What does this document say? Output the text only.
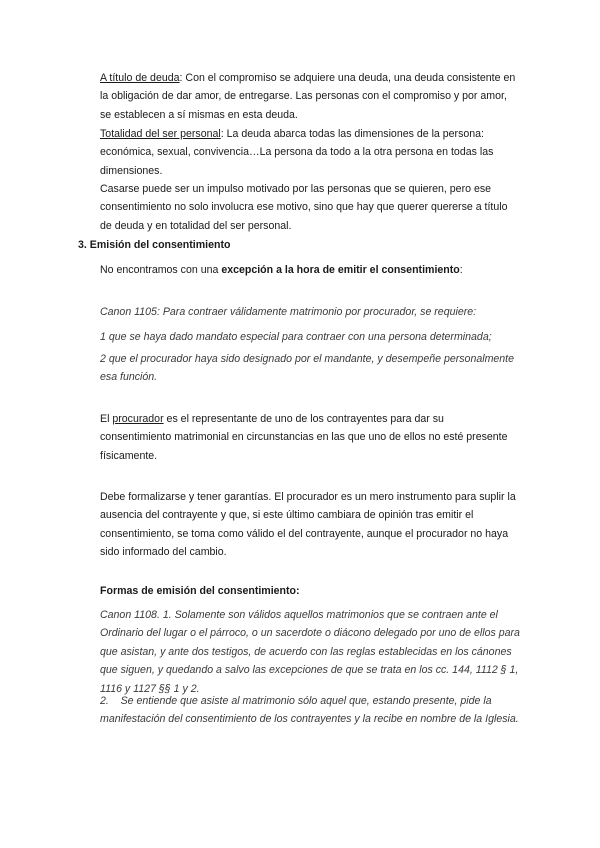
A título de deuda: Con el compromiso se adquiere una deuda, una deuda consistente en la obligación de dar amor, de entregarse. Las personas con el compromiso y por amor, se establecen a sí mismas en esta deuda.

Totalidad del ser personal: La deuda abarca todas las dimensiones de la persona: económica, sexual, convivencia…La persona da todo a la otra persona en todas las dimensiones.

Casarse puede ser un impulso motivado por las personas que se quieren, pero ese consentimiento no solo involucra ese motivo, sino que hay que querer quererse a título de deuda y en totalidad del ser personal.

3. Emisión del consentimiento

No encontramos con una excepción a la hora de emitir el consentimiento:

Canon 1105: Para contraer válidamente matrimonio por procurador, se requiere:

1 que se haya dado mandato especial para contraer con una persona determinada;

2 que el procurador haya sido designado por el mandante, y desempeñe personalmente esa función.

El procurador es el representante de uno de los contrayentes para dar su consentimiento matrimonial en circunstancias en las que uno de ellos no esté presente físicamente.

Debe formalizarse y tener garantías. El procurador es un mero instrumento para suplir la ausencia del contrayente y que, si este último cambiara de opinión tras emitir el consentimiento, se toma como válido el del contrayente, aunque el procurador no haya sido informado del cambio.

Formas de emisión del consentimiento:

Canon 1108. 1. Solamente son válidos aquellos matrimonios que se contraen ante el Ordinario del lugar o el párroco, o un sacerdote o diácono delegado por uno de ellos para que asistan, y ante dos testigos, de acuerdo con las reglas establecidas en los cánones que siguen, y quedando a salvo las excepciones de que se trata en los cc. 144, 1112 § 1, 1116 y 1127 §§ 1 y 2.

2.    Se entiende que asiste al matrimonio sólo aquel que, estando presente, pide la manifestación del consentimiento de los contrayentes y la recibe en nombre de la Iglesia.
